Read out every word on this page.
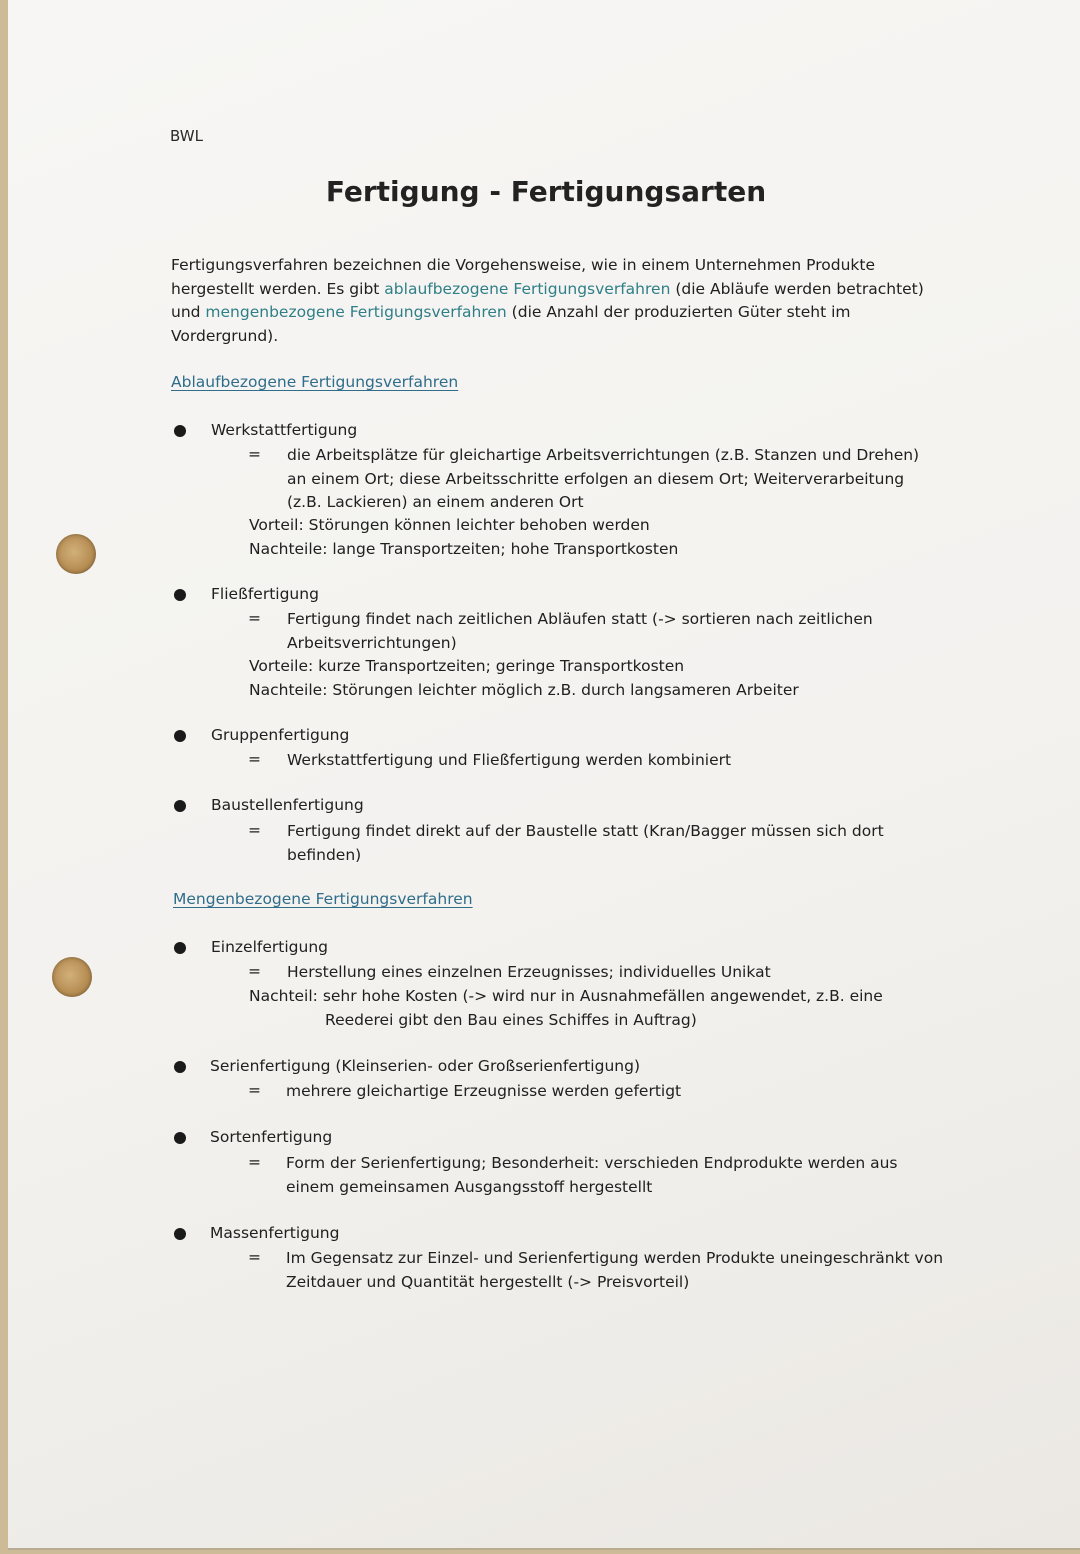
BWL
Fertigung - Fertigungsarten
Fertigungsverfahren bezeichnen die Vorgehensweise, wie in einem Unternehmen Produkte hergestellt werden. Es gibt ablaufbezogene Fertigungsverfahren (die Abläufe werden betrachtet) und mengenbezogene Fertigungsverfahren (die Anzahl der produzierten Güter steht im Vordergrund).
Ablaufbezogene Fertigungsverfahren
Werkstattfertigung
= die Arbeitsplätze für gleichartige Arbeitsverrichtungen (z.B. Stanzen und Drehen) an einem Ort; diese Arbeitsschritte erfolgen an diesem Ort; Weiterverarbeitung (z.B. Lackieren) an einem anderen Ort
Vorteil: Störungen können leichter behoben werden
Nachteile: lange Transportzeiten; hohe Transportkosten
Fließfertigung
= Fertigung findet nach zeitlichen Abläufen statt (-> sortieren nach zeitlichen Arbeitsverrichtungen)
Vorteile: kurze Transportzeiten; geringe Transportkosten
Nachteile: Störungen leichter möglich z.B. durch langsameren Arbeiter
Gruppenfertigung
= Werkstattfertigung und Fließfertigung werden kombiniert
Baustellenfertigung
= Fertigung findet direkt auf der Baustelle statt (Kran/Bagger müssen sich dort befinden)
Mengenbezogene Fertigungsverfahren
Einzelfertigung
= Herstellung eines einzelnen Erzeugnisses; individuelles Unikat
Nachteil: sehr hohe Kosten (-> wird nur in Ausnahmefällen angewendet, z.B. eine
Reederei gibt den Bau eines Schiffes in Auftrag)
Serienfertigung (Kleinserien- oder Großserienfertigung)
= mehrere gleichartige Erzeugnisse werden gefertigt
Sortenfertigung
= Form der Serienfertigung; Besonderheit: verschieden Endprodukte werden aus einem gemeinsamen Ausgangsstoff hergestellt
Massenfertigung
= Im Gegensatz zur Einzel- und Serienfertigung werden Produkte uneingeschränkt von Zeitdauer und Quantität hergestellt (-> Preisvorteil)
